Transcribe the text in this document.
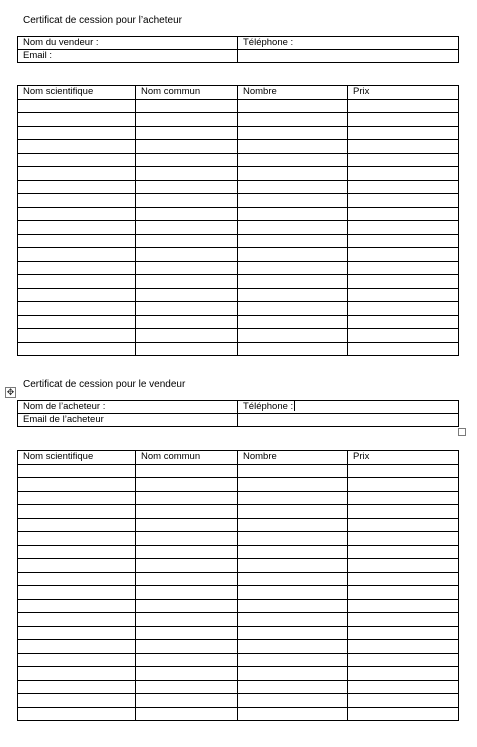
Certificat de cession pour l’acheteur
Nom du vendeur :	Téléphone :
Email :	
Nom scientifique	Nom commun	Nombre	Prix

✥
Certificat de cession pour le vendeur
Nom de l’acheteur :	Téléphone :
Email de l’acheteur	
Nom scientifique	Nom commun	Nombre	Prix
